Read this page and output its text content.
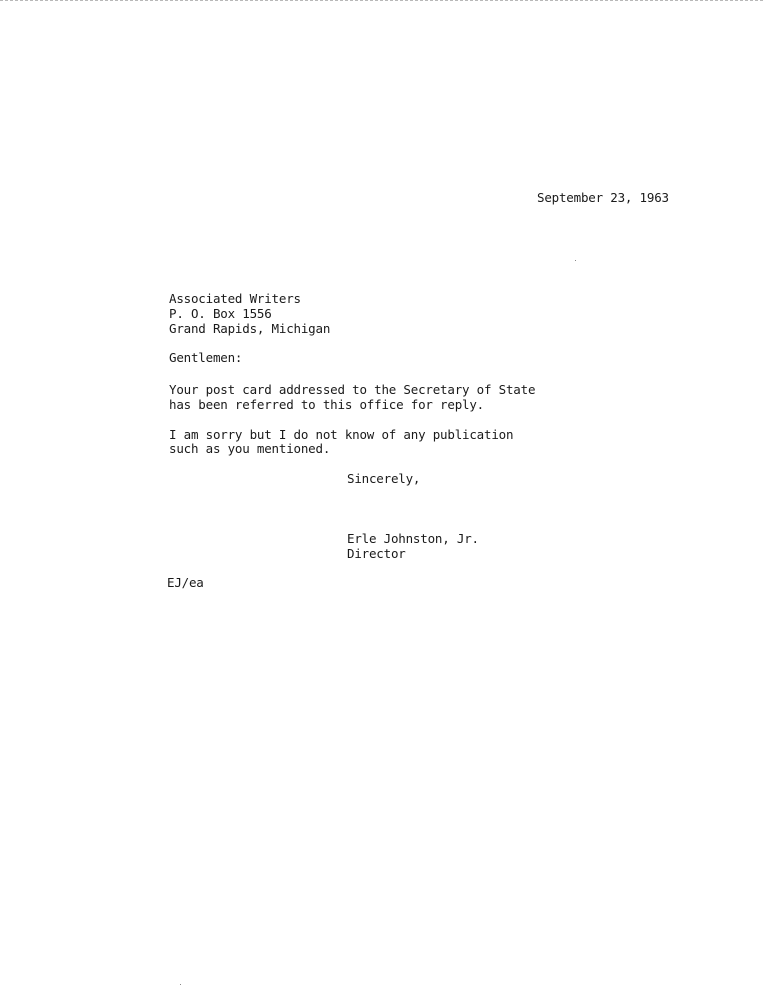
September 23, 1963
Associated Writers
P. O. Box 1556
Grand Rapids, Michigan
Gentlemen:
Your post card addressed to the Secretary of State
has been referred to this office for reply.
I am sorry but I do not know of any publication
such as you mentioned.
Sincerely,
Erle Johnston, Jr.
Director
EJ/ea
